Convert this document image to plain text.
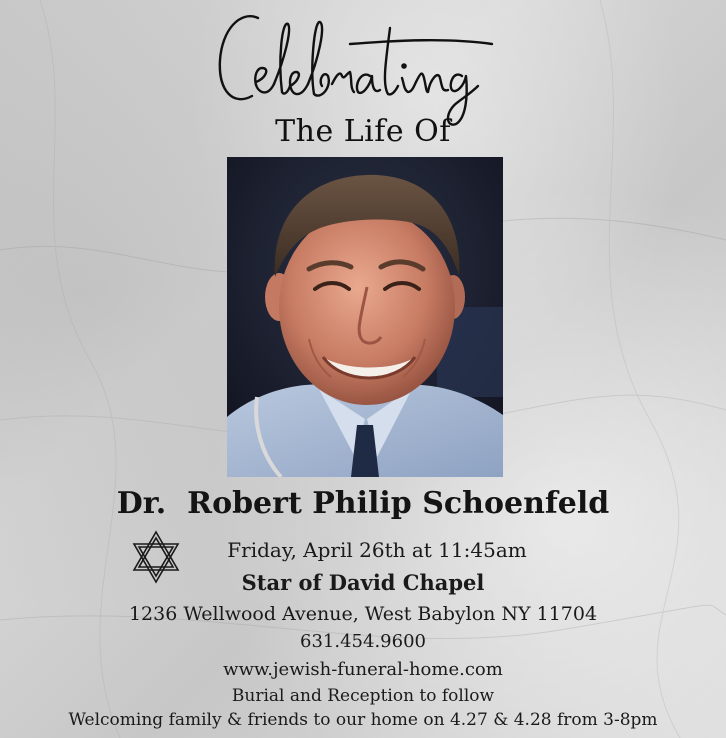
The Life Of
Dr.  Robert Philip Schoenfeld
Friday, April 26th at 11:45am
Star of David Chapel
1236 Wellwood Avenue, West Babylon NY 11704
631.454.9600
www.jewish-funeral-home.com
Burial and Reception to follow
Welcoming family & friends to our home on 4.27 & 4.28 from 3-8pm
